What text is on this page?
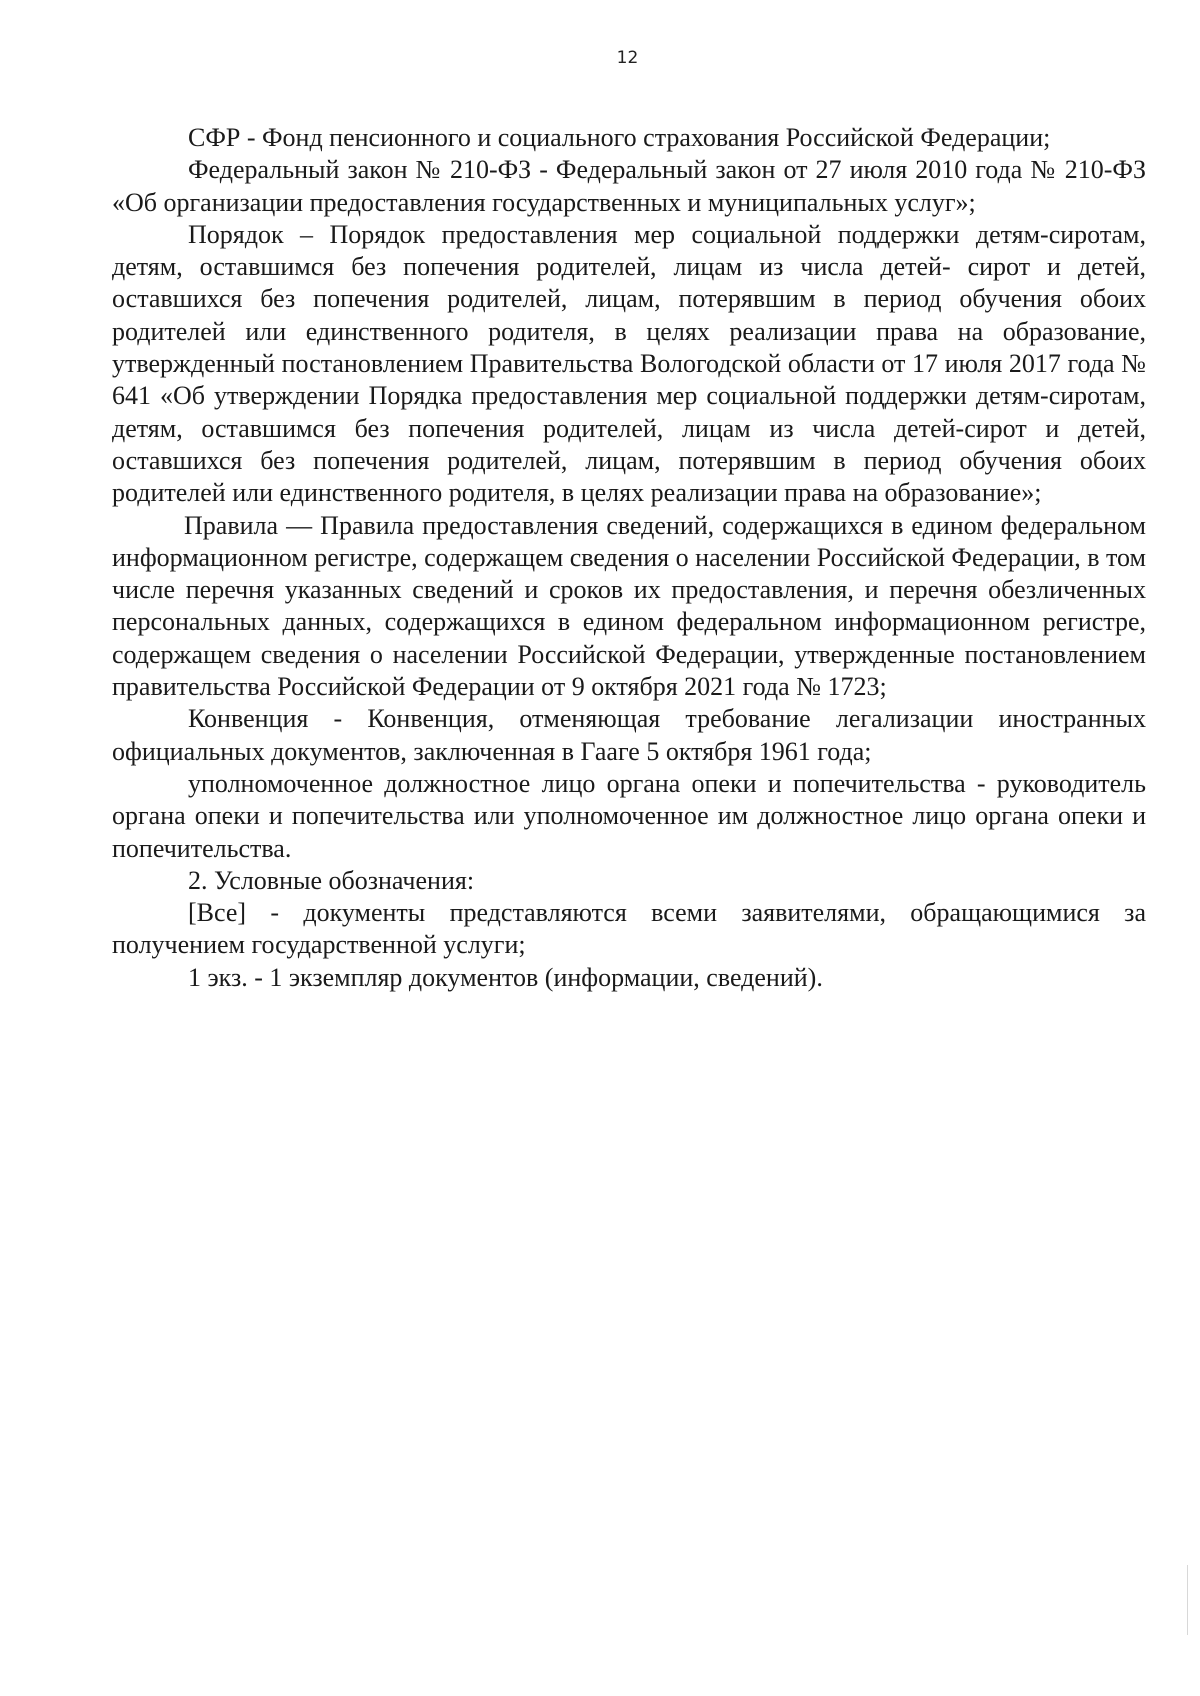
12

СФР - Фонд пенсионного и социального страхования Российской Федерации;

Федеральный закон № 210-ФЗ - Федеральный закон от 27 июля 2010 года № 210-ФЗ «Об организации предоставления государственных и муниципальных услуг»;

Порядок – Порядок предоставления мер социальной поддержки детям-сиротам, детям, оставшимся без попечения родителей, лицам из числа детей- сирот и детей, оставшихся без попечения родителей, лицам, потерявшим в период обучения обоих родителей или единственного родителя, в целях реализации права на образование, утвержденный постановлением Правительства Вологодской области от 17 июля 2017 года № 641 «Об утверждении Порядка предоставления мер социальной поддержки детям-сиротам, детям, оставшимся без попечения родителей, лицам из числа детей-сирот и детей, оставшихся без попечения родителей, лицам, потерявшим в период обучения обоих родителей или единственного родителя, в целях реализации права на образование»;

Правила — Правила предоставления сведений, содержащихся в едином федеральном информационном регистре, содержащем сведения о населении Российской Федерации, в том числе перечня указанных сведений и сроков их предоставления, и перечня обезличенных персональных данных, содержащихся в едином федеральном информационном регистре, содержащем сведения о населении Российской Федерации, утвержденные постановлением правительства Российской Федерации от 9 октября 2021 года № 1723;

Конвенция - Конвенция, отменяющая требование легализации иностранных официальных документов, заключенная в Гааге 5 октября 1961 года;

уполномоченное должностное лицо органа опеки и попечительства - руководитель органа опеки и попечительства или уполномоченное им должностное лицо органа опеки и попечительства.

2. Условные обозначения:

[Все] - документы представляются всеми заявителями, обращающимися за получением государственной услуги;

1 экз. - 1 экземпляр документов (информации, сведений).
